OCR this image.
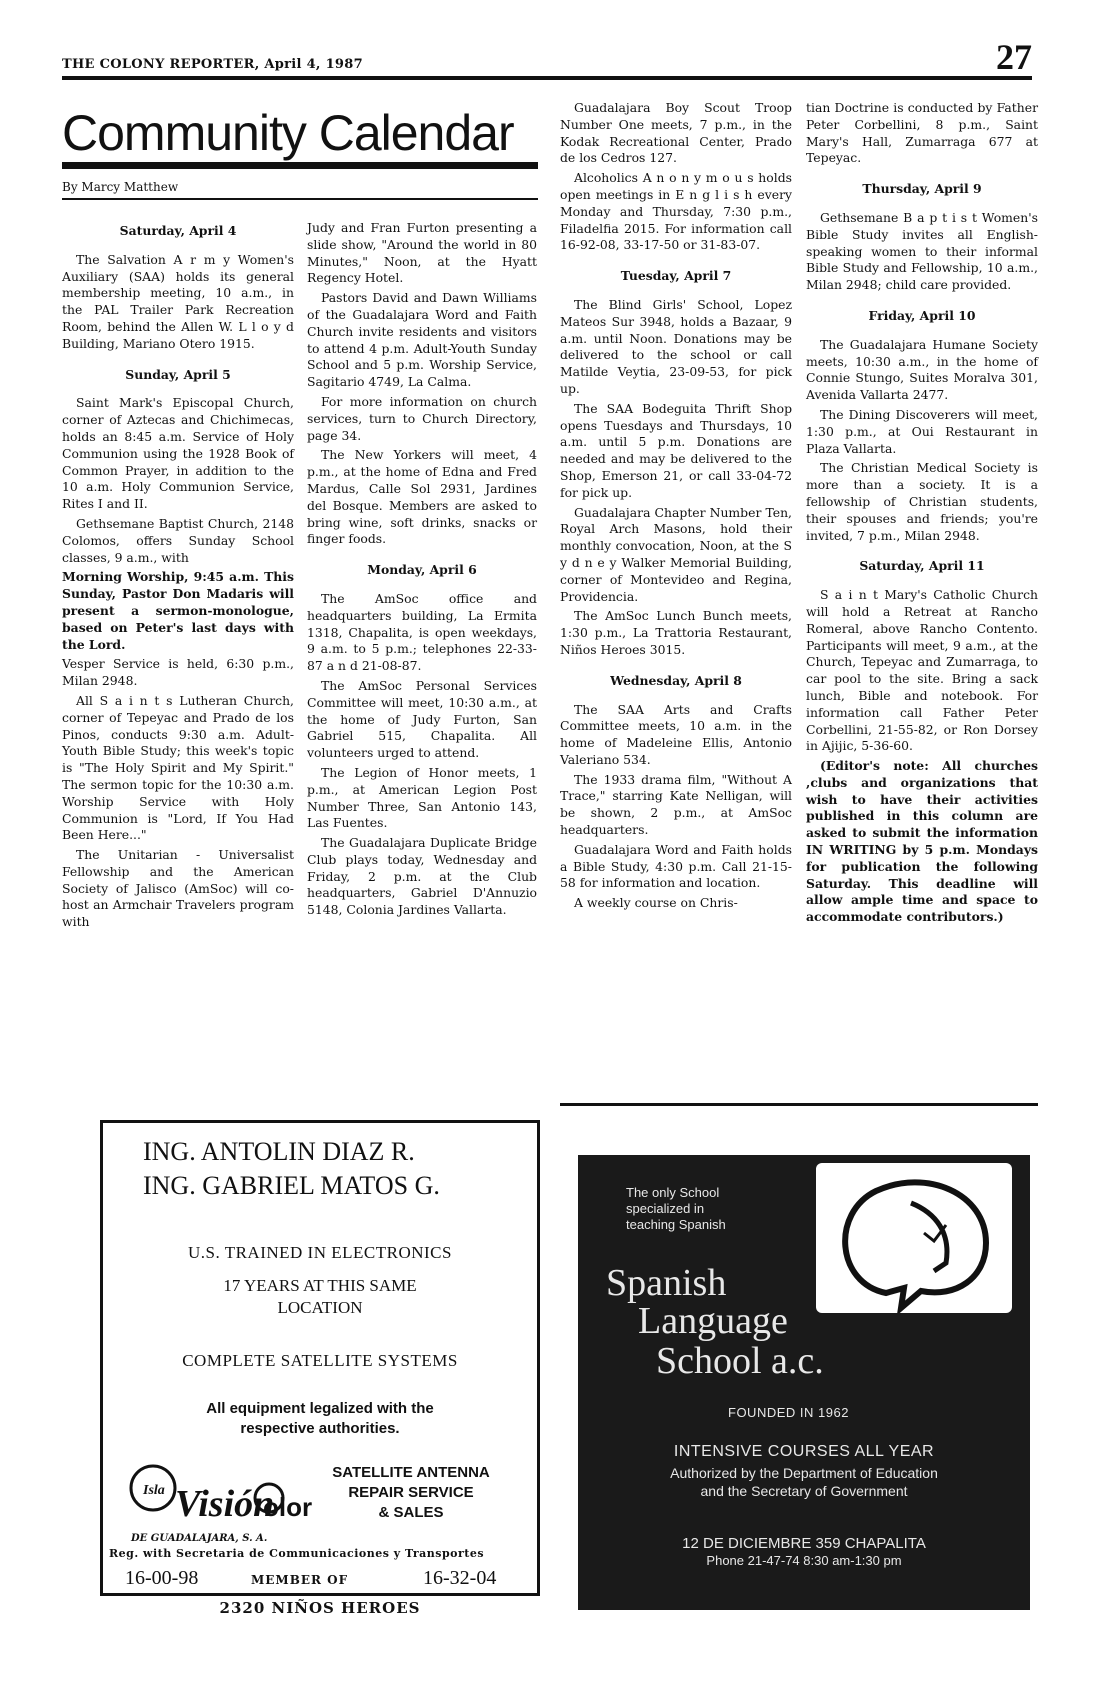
THE COLONY REPORTER, April 4, 1987	27
Community Calendar
By Marcy Matthew

Saturday, April 4

The Salvation A r m y Women's Auxiliary (SAA) holds its general membership meeting, 10 a.m., in the PAL Trailer Park Recreation Room, behind the Allen W. L l o y d Building, Mariano Otero 1915.

Sunday, April 5

Saint Mark's Episcopal Church, corner of Aztecas and Chichimecas, holds an 8:45 a.m. Service of Holy Communion using the 1928 Book of Common Prayer, in addition to the 10 a.m. Holy Communion Service, Rites I and II.

Gethsemane Baptist Church, 2148 Colomos, offers Sunday School classes, 9 a.m., with

Morning Worship, 9:45 a.m. This Sunday, Pastor Don Madaris will present a sermon-monologue, based on Peter's last days with the Lord.

Vesper Service is held, 6:30 p.m., Milan 2948.

All S a i n t s Lutheran Church, corner of Tepeyac and Prado de los Pinos, conducts 9:30 a.m. Adult-Youth Bible Study; this week's topic is "The Holy Spirit and My Spirit." The sermon topic for the 10:30 a.m. Worship Service with Holy Communion is "Lord, If You Had Been Here..."

The Unitarian - Universalist Fellowship and the American Society of Jalisco (AmSoc) will co-host an Armchair Travelers program with

Judy and Fran Furton presenting a slide show, "Around the world in 80 Minutes," Noon, at the Hyatt Regency Hotel.

Pastors David and Dawn Williams of the Guadalajara Word and Faith Church invite residents and visitors to attend 4 p.m. Adult-Youth Sunday School and 5 p.m. Worship Service, Sagitario 4749, La Calma.

For more information on church services, turn to Church Directory, page 34.

The New Yorkers will meet, 4 p.m., at the home of Edna and Fred Mardus, Calle Sol 2931, Jardines del Bosque. Members are asked to bring wine, soft drinks, snacks or finger foods.

Monday, April 6

The AmSoc office and headquarters building, La Ermita 1318, Chapalita, is open weekdays, 9 a.m. to 5 p.m.; telephones 22-33-87 a n d 21-08-87.

The AmSoc Personal Services Committee will meet, 10:30 a.m., at the home of Judy Furton, San Gabriel 515, Chapalita. All volunteers urged to attend.

The Legion of Honor meets, 1 p.m., at American Legion Post Number Three, San Antonio 143, Las Fuentes.

The Guadalajara Duplicate Bridge Club plays today, Wednesday and Friday, 2 p.m. at the Club headquarters, Gabriel D'Annuzio 5148, Colonia Jardines Vallarta.

Guadalajara Boy Scout Troop Number One meets, 7 p.m., in the Kodak Recreational Center, Prado de los Cedros 127.

Alcoholics A n o n y m o u s holds open meetings in E n g l i s h every Monday and Thursday, 7:30 p.m., Filadelfia 2015. For information call 16-92-08, 33-17-50 or 31-83-07.

Tuesday, April 7

The Blind Girls' School, Lopez Mateos Sur 3948, holds a Bazaar, 9 a.m. until Noon. Donations may be delivered to the school or call Matilde Veytia, 23-09-53, for pick up.

The SAA Bodeguita Thrift Shop opens Tuesdays and Thursdays, 10 a.m. until 5 p.m. Donations are needed and may be delivered to the Shop, Emerson 21, or call 33-04-72 for pick up.

Guadalajara Chapter Number Ten, Royal Arch Masons, hold their monthly convocation, Noon, at the S y d n e y Walker Memorial Building, corner of Montevideo and Regina, Providencia.

The AmSoc Lunch Bunch meets, 1:30 p.m., La Trattoria Restaurant, Niños Heroes 3015.

Wednesday, April 8

The SAA Arts and Crafts Committee meets, 10 a.m. in the home of Madeleine Ellis, Antonio Valeriano 534.

The 1933 drama film, "Without A Trace," starring Kate Nelligan, will be shown, 2 p.m., at AmSoc headquarters.

Guadalajara Word and Faith holds a Bible Study, 4:30 p.m. Call 21-15-58 for information and location.

A weekly course on Chris-

tian Doctrine is conducted by Father Peter Corbellini, 8 p.m., Saint Mary's Hall, Zumarraga 677 at Tepeyac.

Thursday, April 9

Gethsemane B a p t i s t Women's Bible Study invites all English-speaking women to their informal Bible Study and Fellowship, 10 a.m., Milan 2948; child care provided.

Friday, April 10

The Guadalajara Humane Society meets, 10:30 a.m., in the home of Connie Stungo, Suites Moralva 301, Avenida Vallarta 2477.

The Dining Discoverers will meet, 1:30 p.m., at Oui Restaurant in Plaza Vallarta.

The Christian Medical Society is more than a society. It is a fellowship of Christian students, their spouses and friends; you're invited, 7 p.m., Milan 2948.

Saturday, April 11

S a i n t Mary's Catholic Church will hold a Retreat at Rancho Romeral, above Rancho Contento. Participants will meet, 9 a.m., at the Church, Tepeyac and Zumarraga, to car pool to the site. Bring a sack lunch, Bible and notebook. For information call Father Peter Corbellini, 21-55-82, or Ron Dorsey in Ajijic, 5-36-60.

(Editor's note: All churches ,clubs and organizations that wish to have their activities published in this column are asked to submit the information IN WRITING by 5 p.m. Mondays for publication the following Saturday. This deadline will allow ample time and space to accommodate contributors.)

ING. ANTOLIN DIAZ R.
ING. GABRIEL MATOS G.
U.S. TRAINED IN ELECTRONICS
17 YEARS AT THIS SAME
LOCATION
COMPLETE SATELLITE SYSTEMS
All equipment legalized with the
respective authorities.
Isla Visión
olor
DE GUADALAJARA, S. A.
SATELLITE ANTENNA
REPAIR SERVICE
& SALES
Reg. with Secretaria de Communicaciones y Transportes
16-00-98	MEMBER OF	16-32-04
2320 NIÑOS HEROES
The only School
specialized in
teaching Spanish
Spanish
Language
School a.c.
FOUNDED IN 1962
INTENSIVE COURSES ALL YEAR
Authorized by the Department of Education
and the Secretary of Government
12 DE DICIEMBRE 359 CHAPALITA
Phone 21-47-74 8:30 am-1:30 pm
